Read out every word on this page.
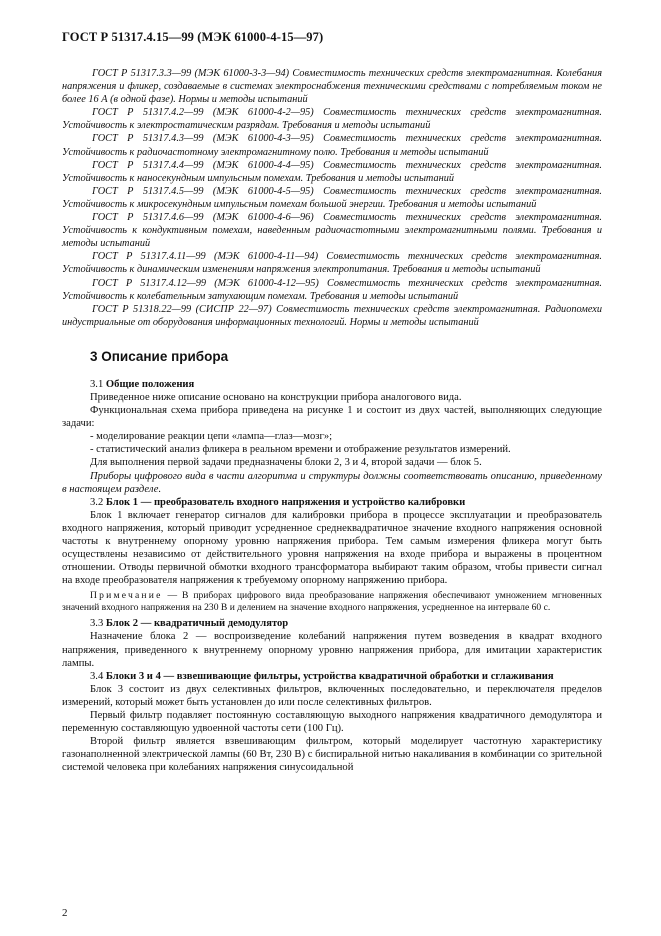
ГОСТ Р 51317.4.15—99 (МЭК 61000-4-15—97)

ГОСТ Р 51317.3.3—99 (МЭК 61000-3-3—94) Совместимость технических средств электромагнитная. Колебания напряжения и фликер, создаваемые в системах электроснабжения техническими средствами с потребляемым током не более 16 А (в одной фазе). Нормы и методы испытаний

ГОСТ Р 51317.4.2—99 (МЭК 61000-4-2—95) Совместимость технических средств электромагнитная. Устойчивость к электростатическим разрядам. Требования и методы испытаний

ГОСТ Р 51317.4.3—99 (МЭК 61000-4-3—95) Совместимость технических средств электромагнитная. Устойчивость к радиочастотному электромагнитному полю. Требования и методы испытаний

ГОСТ Р 51317.4.4—99 (МЭК 61000-4-4—95) Совместимость технических средств электромагнитная. Устойчивость к наносекундным импульсным помехам. Требования и методы испытаний

ГОСТ Р 51317.4.5—99 (МЭК 61000-4-5—95) Совместимость технических средств электромагнитная. Устойчивость к микросекундным импульсным помехам большой энергии. Требования и методы испытаний

ГОСТ Р 51317.4.6—99 (МЭК 61000-4-6—96) Совместимость технических средств электромагнитная. Устойчивость к кондуктивным помехам, наведенным радиочастотными электромагнитными полями. Требования и методы испытаний

ГОСТ Р 51317.4.11—99 (МЭК 61000-4-11—94) Совместимость технических средств электромагнитная. Устойчивость к динамическим изменениям напряжения электропитания. Требования и методы испытаний

ГОСТ Р 51317.4.12—99 (МЭК 61000-4-12—95) Совместимость технических средств электромагнитная. Устойчивость к колебательным затухающим помехам. Требования и методы испытаний

ГОСТ Р 51318.22—99 (СИСПР 22—97) Совместимость технических средств электромагнитная. Радиопомехи индустриальные от оборудования информационных технологий. Нормы и методы испытаний

3 Описание прибора

3.1 Общие положения

Приведенное ниже описание основано на конструкции прибора аналогового вида.

Функциональная схема прибора приведена на рисунке 1 и состоит из двух частей, выполняющих следующие задачи:

- моделирование реакции цепи «лампа—глаз—мозг»;

- статистический анализ фликера в реальном времени и отображение результатов измерений.

Для выполнения первой задачи предназначены блоки 2, 3 и 4, второй задачи — блок 5.

Приборы цифрового вида в части алгоритма и структуры должны соответствовать описанию, приведенному в настоящем разделе.

3.2 Блок 1 — преобразователь входного напряжения и устройство калибровки

Блок 1 включает генератор сигналов для калибровки прибора в процессе эксплуатации и преобразователь входного напряжения, который приводит усредненное среднеквадратичное значение входного напряжения основной частоты к внутреннему опорному уровню напряжения прибора. Тем самым измерения фликера могут быть осуществлены независимо от действительного уровня напряжения на входе прибора и выражены в процентном отношении. Отводы первичной обмотки входного трансформатора выбирают таким образом, чтобы привести сигнал на входе преобразователя напряжения к требуемому опорному напряжению прибора.

Примечание — В приборах цифрового вида преобразование напряжения обеспечивают умножением мгновенных значений входного напряжения на 230 В и делением на значение входного напряжения, усредненное на интервале 60 с.

3.3 Блок 2 — квадратичный демодулятор

Назначение блока 2 — воспроизведение колебаний напряжения путем возведения в квадрат входного напряжения, приведенного к внутреннему опорному уровню напряжения прибора, для имитации характеристик лампы.

3.4 Блоки 3 и 4 — взвешивающие фильтры, устройства квадратичной обработки и сглаживания

Блок 3 состоит из двух селективных фильтров, включенных последовательно, и переключателя пределов измерений, который может быть установлен до или после селективных фильтров.

Первый фильтр подавляет постоянную составляющую выходного напряжения квадратичного демодулятора и переменную составляющую удвоенной частоты сети (100 Гц).

Второй фильтр является взвешивающим фильтром, который моделирует частотную характеристику газонаполненной электрической лампы (60 Вт, 230 В) с биспиральной нитью накаливания в комбинации со зрительной системой человека при колебаниях напряжения синусоидальной

2
